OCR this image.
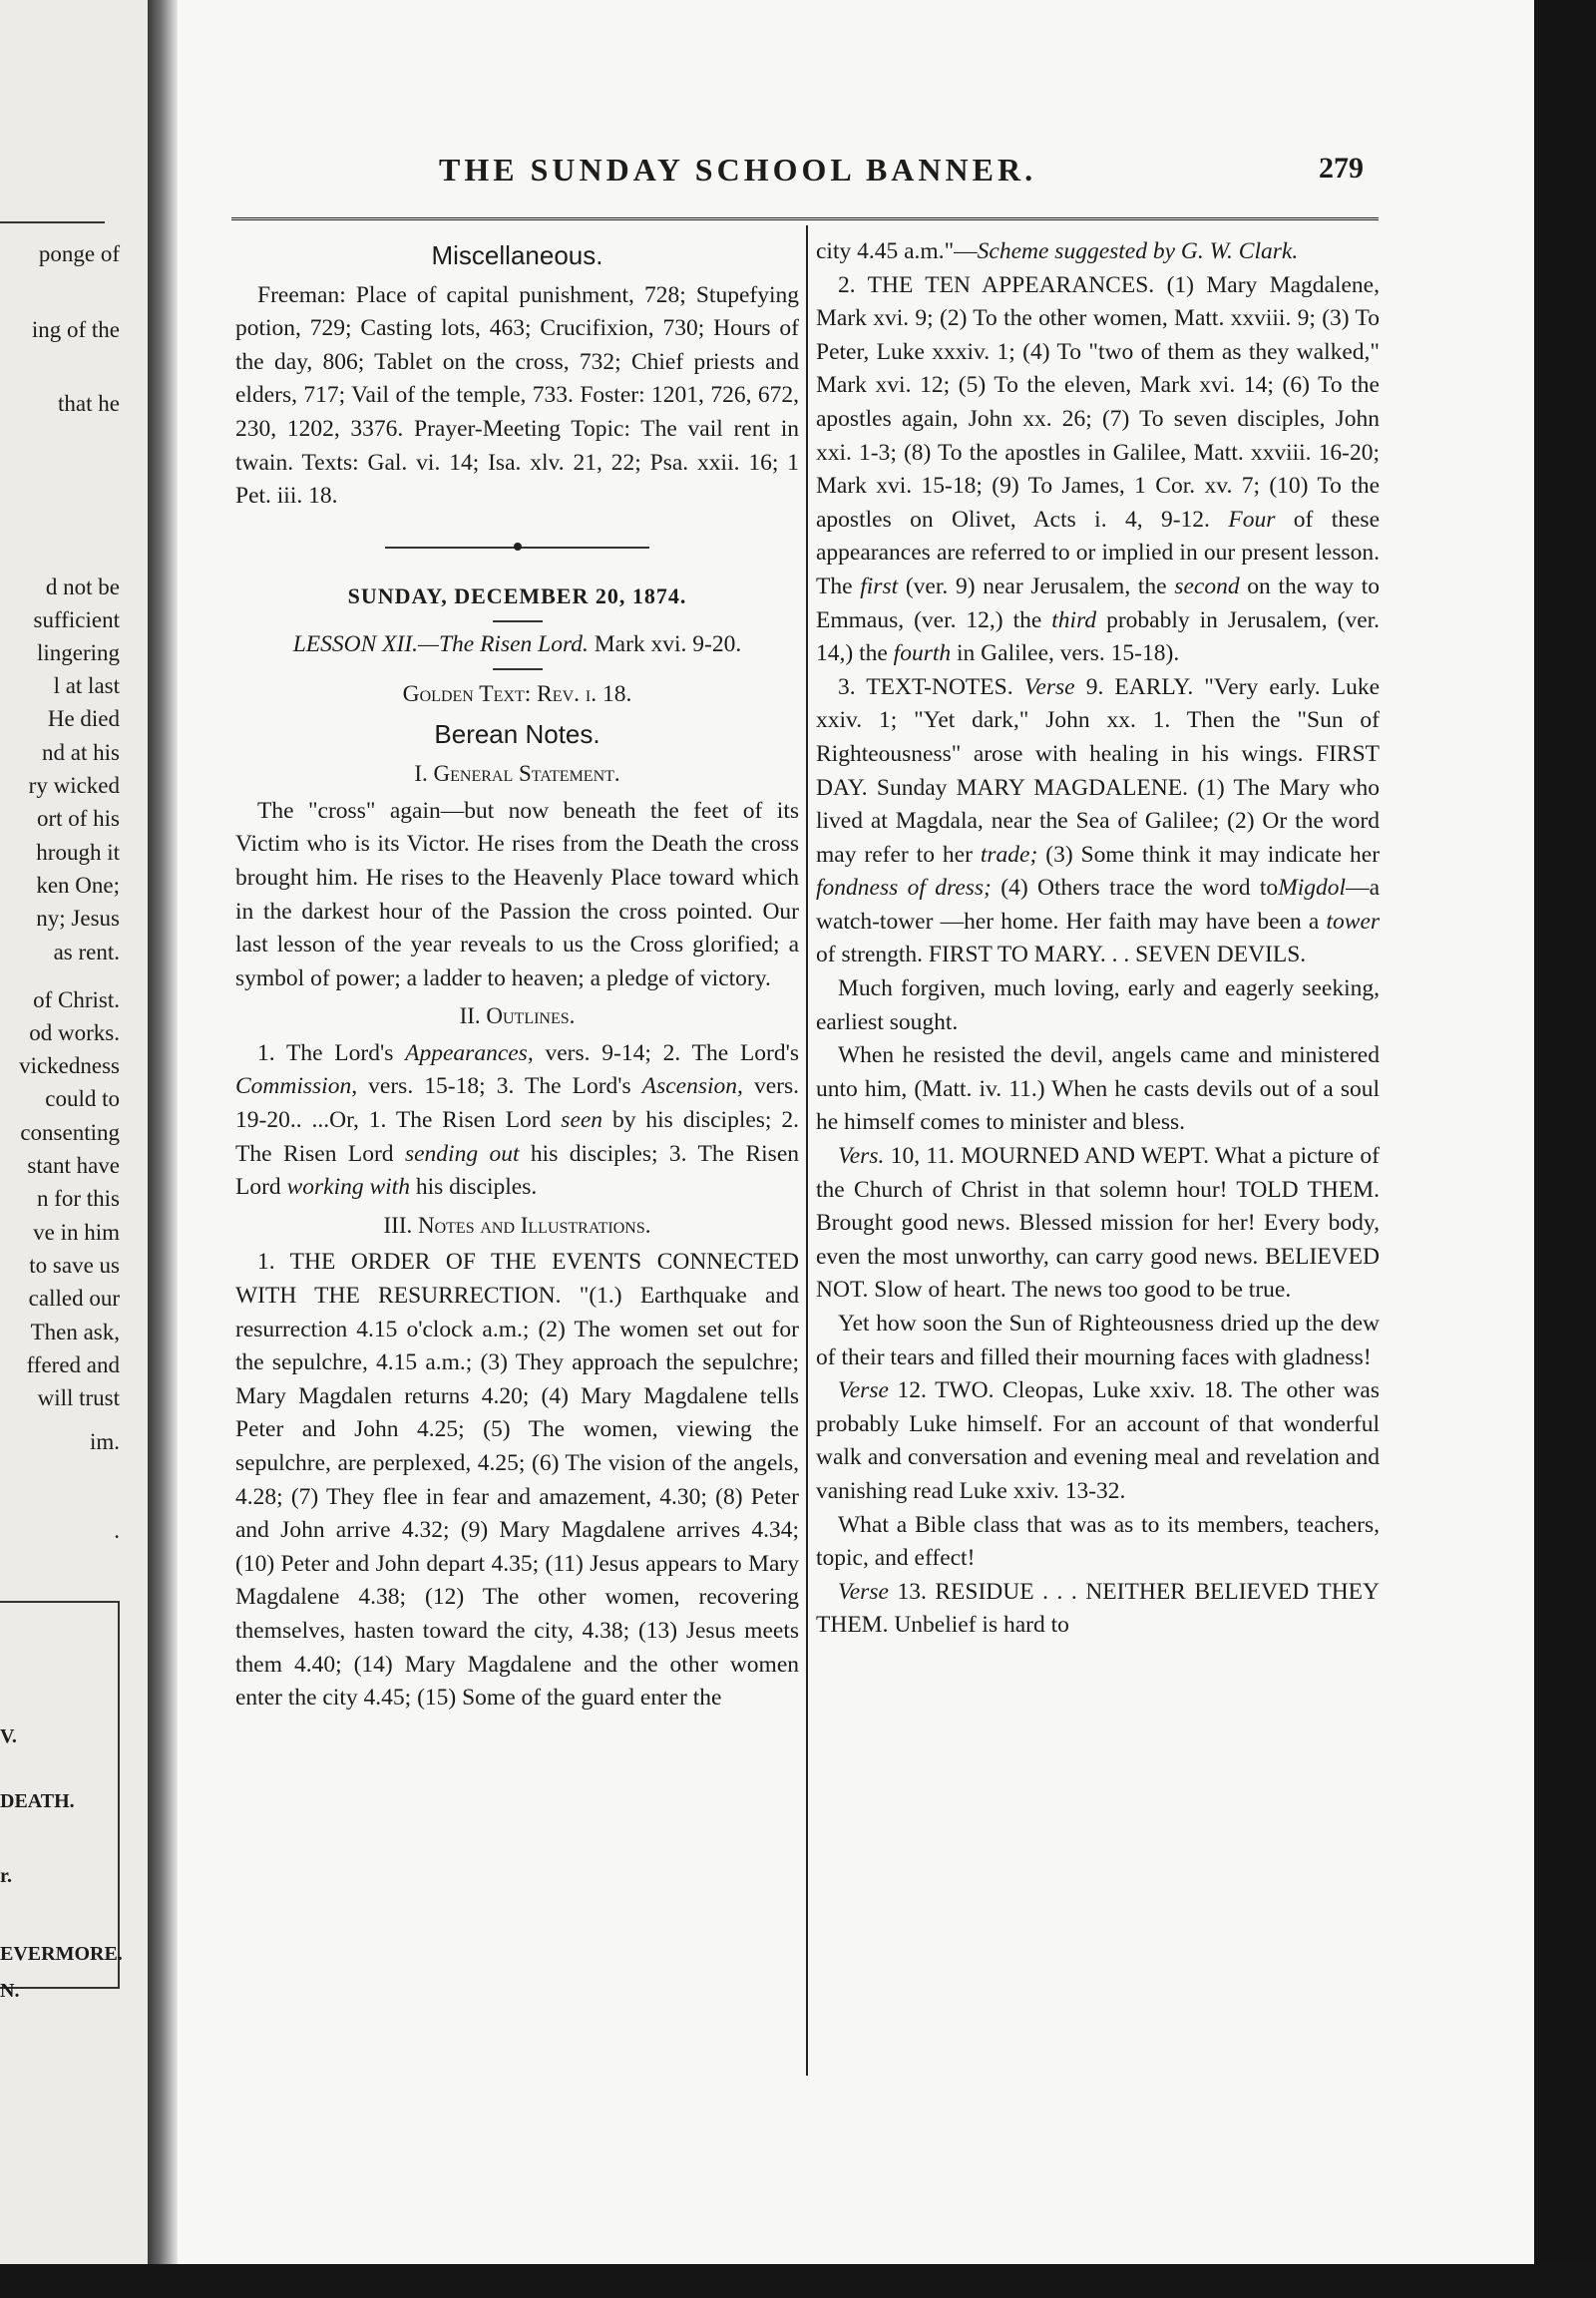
V.
DEATH.
r.
EVERMORE.
N.
ponge of
ing of the
that he
d not be
sufficient
lingering
l at last
He died
nd at his
ry wicked
ort of his
hrough it
ken One;
ny; Jesus
as rent.
of Christ.
od works.
vickedness
could to
consenting
stant have
n for this
ve in him
to save us
called our
Then ask,
ffered and
will trust
im.
.
THE SUNDAY SCHOOL BANNER.	279
Miscellaneous.

Freeman: Place of capital punishment, 728; Stupefying potion, 729; Casting lots, 463; Crucifixion, 730; Hours of the day, 806; Tablet on the cross, 732; Chief priests and elders, 717; Vail of the temple, 733. Foster: 1201, 726, 672, 230, 1202, 3376. Prayer-Meeting Topic: The vail rent in twain. Texts: Gal. vi. 14; Isa. xlv. 21, 22; Psa. xxii. 16; 1 Pet. iii. 18.

SUNDAY, DECEMBER 20, 1874.
LESSON XII.—The Risen Lord. Mark xvi. 9-20.
Golden Text: Rev. i. 18.
Berean Notes.
I. General Statement.

The "cross" again—but now beneath the feet of its Victim who is its Victor. He rises from the Death the cross brought him. He rises to the Heavenly Place toward which in the darkest hour of the Passion the cross pointed. Our last lesson of the year reveals to us the Cross glorified; a symbol of power; a ladder to heaven; a pledge of victory.

II. Outlines.

1. The Lord's Appearances, vers. 9-14; 2. The Lord's Commission, vers. 15-18; 3. The Lord's Ascension, vers. 19-20.. ...Or, 1. The Risen Lord seen by his disciples; 2. The Risen Lord sending out his disciples; 3. The Risen Lord working with his disciples.

III. Notes and Illustrations.

1. THE ORDER OF THE EVENTS CONNECTED WITH THE RESURRECTION. "(1.) Earthquake and resurrection 4.15 o'clock a.m.; (2) The women set out for the sepulchre, 4.15 a.m.; (3) They approach the sepulchre; Mary Magdalen returns 4.20; (4) Mary Magdalene tells Peter and John 4.25; (5) The women, viewing the sepulchre, are perplexed, 4.25; (6) The vision of the angels, 4.28; (7) They flee in fear and amazement, 4.30; (8) Peter and John arrive 4.32; (9) Mary Magdalene arrives 4.34; (10) Peter and John depart 4.35; (11) Jesus appears to Mary Magdalene 4.38; (12) The other women, recovering themselves, hasten toward the city, 4.38; (13) Jesus meets them 4.40; (14) Mary Magdalene and the other women enter the city 4.45; (15) Some of the guard enter the

city 4.45 a.m."—Scheme suggested by G. W. Clark.

2. THE TEN APPEARANCES. (1) Mary Magdalene, Mark xvi. 9; (2) To the other women, Matt. xxviii. 9; (3) To Peter, Luke xxxiv. 1; (4) To "two of them as they walked," Mark xvi. 12; (5) To the eleven, Mark xvi. 14; (6) To the apostles again, John xx. 26; (7) To seven disciples, John xxi. 1-3; (8) To the apostles in Galilee, Matt. xxviii. 16-20; Mark xvi. 15-18; (9) To James, 1 Cor. xv. 7; (10) To the apostles on Olivet, Acts i. 4, 9-12. Four of these appearances are referred to or implied in our present lesson. The first (ver. 9) near Jerusalem, the second on the way to Emmaus, (ver. 12,) the third probably in Jerusalem, (ver. 14,) the fourth in Galilee, vers. 15-18).

3. TEXT-NOTES. Verse 9. EARLY. "Very early. Luke xxiv. 1; "Yet dark," John xx. 1. Then the "Sun of Righteousness" arose with healing in his wings. FIRST DAY. Sunday MARY MAGDALENE. (1) The Mary who lived at Magdala, near the Sea of Galilee; (2) Or the word may refer to her trade; (3) Some think it may indicate her fondness of dress; (4) Others trace the word toMigdol—a watch-tower —her home. Her faith may have been a tower of strength. FIRST TO MARY. . . SEVEN DEVILS.

Much forgiven, much loving, early and eagerly seeking, earliest sought.

When he resisted the devil, angels came and ministered unto him, (Matt. iv. 11.) When he casts devils out of a soul he himself comes to minister and bless.

Vers. 10, 11. MOURNED AND WEPT. What a picture of the Church of Christ in that solemn hour! TOLD THEM. Brought good news. Blessed mission for her! Every body, even the most unworthy, can carry good news. BELIEVED NOT. Slow of heart. The news too good to be true.

Yet how soon the Sun of Righteousness dried up the dew of their tears and filled their mourning faces with gladness!

Verse 12. TWO. Cleopas, Luke xxiv. 18. The other was probably Luke himself. For an account of that wonderful walk and conversation and evening meal and revelation and vanishing read Luke xxiv. 13-32.

What a Bible class that was as to its members, teachers, topic, and effect!

Verse 13. RESIDUE . . . NEITHER BELIEVED THEY THEM. Unbelief is hard to
